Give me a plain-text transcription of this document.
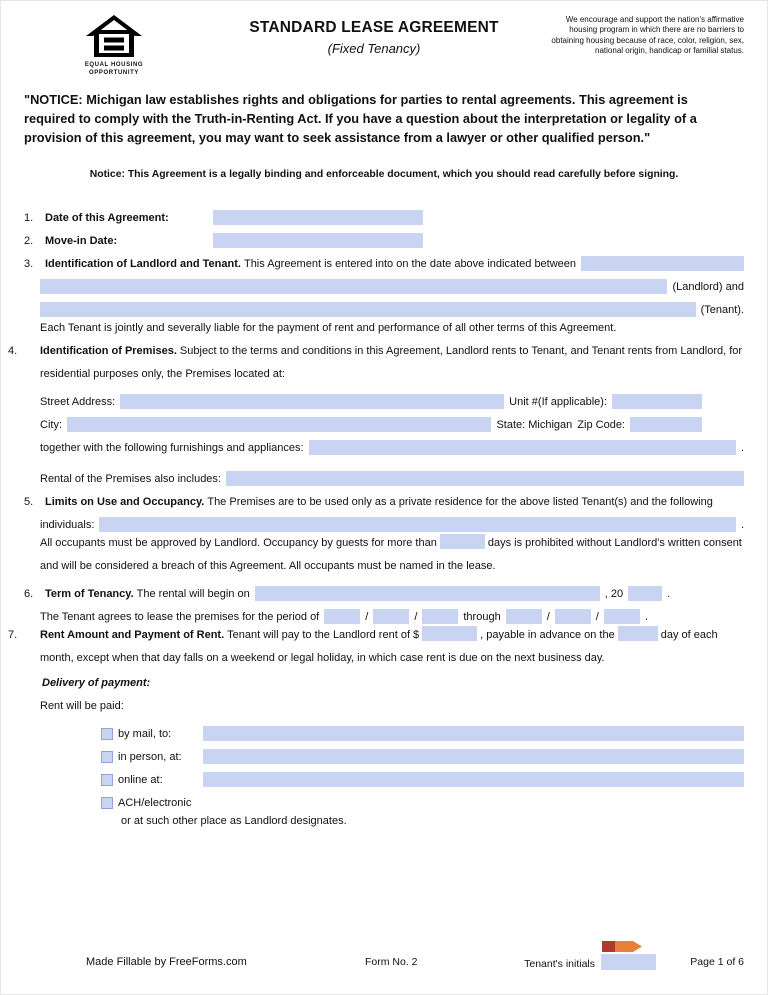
EQUAL HOUSING
OPPORTUNITY
STANDARD LEASE AGREEMENT
(Fixed Tenancy)
We encourage and support the nation's affirmative housing program in which there are no barriers to obtaining housing because of race, color, religion, sex, national origin, handicap or familial status.
"NOTICE: Michigan law establishes rights and obligations for parties to rental agreements. This agreement is required to comply with the Truth-in-Renting Act. If you have a question about the interpretation or legality of a provision of this agreement, you may want to seek assistance from a lawyer or other qualified person."
Notice: This Agreement is a legally binding and enforceable document, which you should read carefully before signing.
1.	Date of this Agreement:
2.	Move-in Date:
3.	Identification of Landlord and Tenant. This Agreement is entered into on the date above indicated between
(Landlord) and
(Tenant).
Each Tenant is jointly and severally liable for the payment of rent and performance of all other terms of this Agreement.
4. Identification of Premises. Subject to the terms and conditions in this Agreement, Landlord rents to Tenant, and Tenant rents from Landlord, for residential purposes only, the Premises located at:
Street Address:	Unit #(If applicable):
City:	State: Michigan Zip Code:
together with the following furnishings and appliances:	.
Rental of the Premises also includes:
5.	Limits on Use and Occupancy. The Premises are to be used only as a private residence for the above listed Tenant(s) and the following
individuals:	.
All occupants must be approved by Landlord. Occupancy by guests for more than	days is prohibited without Landlord's written consent and will be considered a breach of this Agreement. All occupants must be named in the lease.
6.	Term of Tenancy. The rental will begin on	, 20	.
The Tenant agrees to lease the premises for the period of	/	/	through	/	/	.
7. Rent Amount and Payment of Rent. Tenant will pay to the Landlord rent of $	, payable in advance on the	day of each month, except when that day falls on a weekend or legal holiday, in which case rent is due on the next business day.
Delivery of payment:
Rent will be paid:
by mail, to:
in person, at:
online at:
ACH/electronic
or at such other place as Landlord designates.
Made Fillable by FreeForms.com	Form No. 2	Tenant's initials	Page 1 of 6
